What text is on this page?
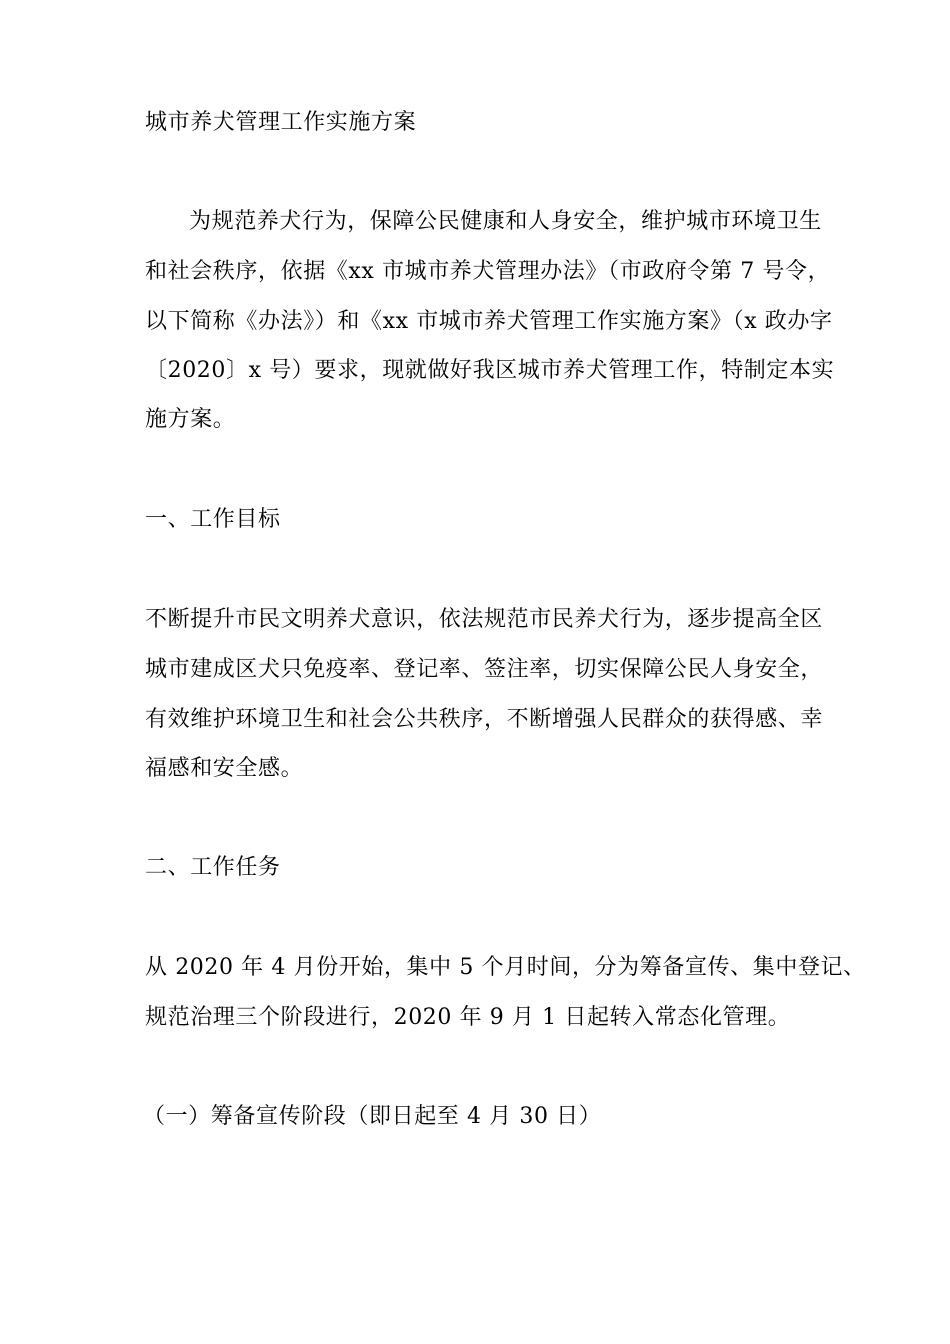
城市养犬管理工作实施方案
为规范养犬行为，保障公民健康和人身安全，维护城市环境卫生
和社会秩序，依据《xx 市城市养犬管理办法》（市政府令第 7 号令，
以下简称《办法》）和《xx 市城市养犬管理工作实施方案》（x 政办字
〔2020〕x 号）要求，现就做好我区城市养犬管理工作，特制定本实
施方案。
一、工作目标
不断提升市民文明养犬意识，依法规范市民养犬行为，逐步提高全区
城市建成区犬只免疫率、登记率、签注率，切实保障公民人身安全，
有效维护环境卫生和社会公共秩序，不断增强人民群众的获得感、幸
福感和安全感。
二、工作任务
从 2020 年 4 月份开始，集中 5 个月时间，分为筹备宣传、集中登记、
规范治理三个阶段进行，2020 年 9 月 1 日起转入常态化管理。
（一）筹备宣传阶段（即日起至 4 月 30 日）
